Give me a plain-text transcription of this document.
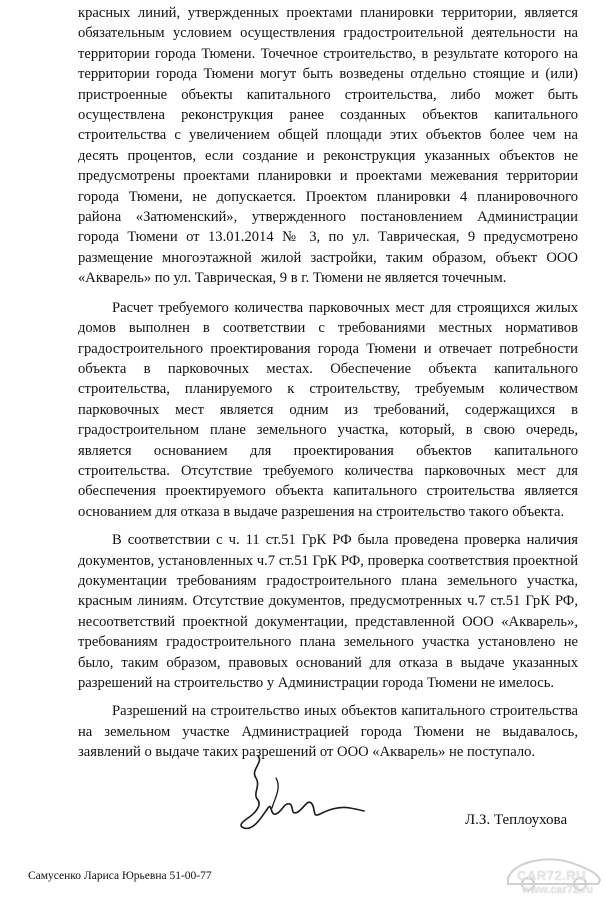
красных линий, утвержденных проектами планировки территории, является обязательным условием осуществления градостроительной деятельности на территории города Тюмени. Точечное строительство, в результате которого на территории города Тюмени могут быть возведены отдельно стоящие и (или) пристроенные объекты капитального строительства, либо может быть осуществлена реконструкция ранее созданных объектов капитального строительства с увеличением общей площади этих объектов более чем на десять процентов, если создание и реконструкция указанных объектов не предусмотрены проектами планировки и проектами межевания территории города Тюмени, не допускается. Проектом планировки 4 планировочного района «Затюменский», утвержденного постановлением Администрации города Тюмени от 13.01.2014 № 3, по ул. Таврическая, 9 предусмотрено размещение многоэтажной жилой застройки, таким образом, объект ООО «Акварель» по ул. Таврическая, 9 в г. Тюмени не является точечным.

Расчет требуемого количества парковочных мест для строящихся жилых домов выполнен в соответствии с требованиями местных нормативов градостроительного проектирования города Тюмени и отвечает потребности объекта в парковочных местах. Обеспечение объекта капитального строительства, планируемого к строительству, требуемым количеством парковочных мест является одним из требований, содержащихся в градостроительном плане земельного участка, который, в свою очередь, является основанием для проектирования объектов капитального строительства. Отсутствие требуемого количества парковочных мест для обеспечения проектируемого объекта капитального строительства является основанием для отказа в выдаче разрешения на строительство такого объекта.

В соответствии с ч. 11 ст.51 ГрК РФ была проведена проверка наличия документов, установленных ч.7 ст.51 ГрК РФ, проверка соответствия проектной документации требованиям градостроительного плана земельного участка, красным линиям. Отсутствие документов, предусмотренных ч.7 ст.51 ГрК РФ, несоответствий проектной документации, представленной ООО «Акварель», требованиям градостроительного плана земельного участка установлено не было, таким образом, правовых оснований для отказа в выдаче указанных разрешений на строительство у Администрации города Тюмени не имелось.

Разрешений на строительство иных объектов капитального строительства на земельном участке Администрацией города Тюмени не выдавалось, заявлений о выдаче таких разрешений от ООО «Акварель» не поступало.

Л.З. Теплоухова
Самусенко Лариса Юрьевна 51-00-77	CAR72.RU
www.car72.ru
